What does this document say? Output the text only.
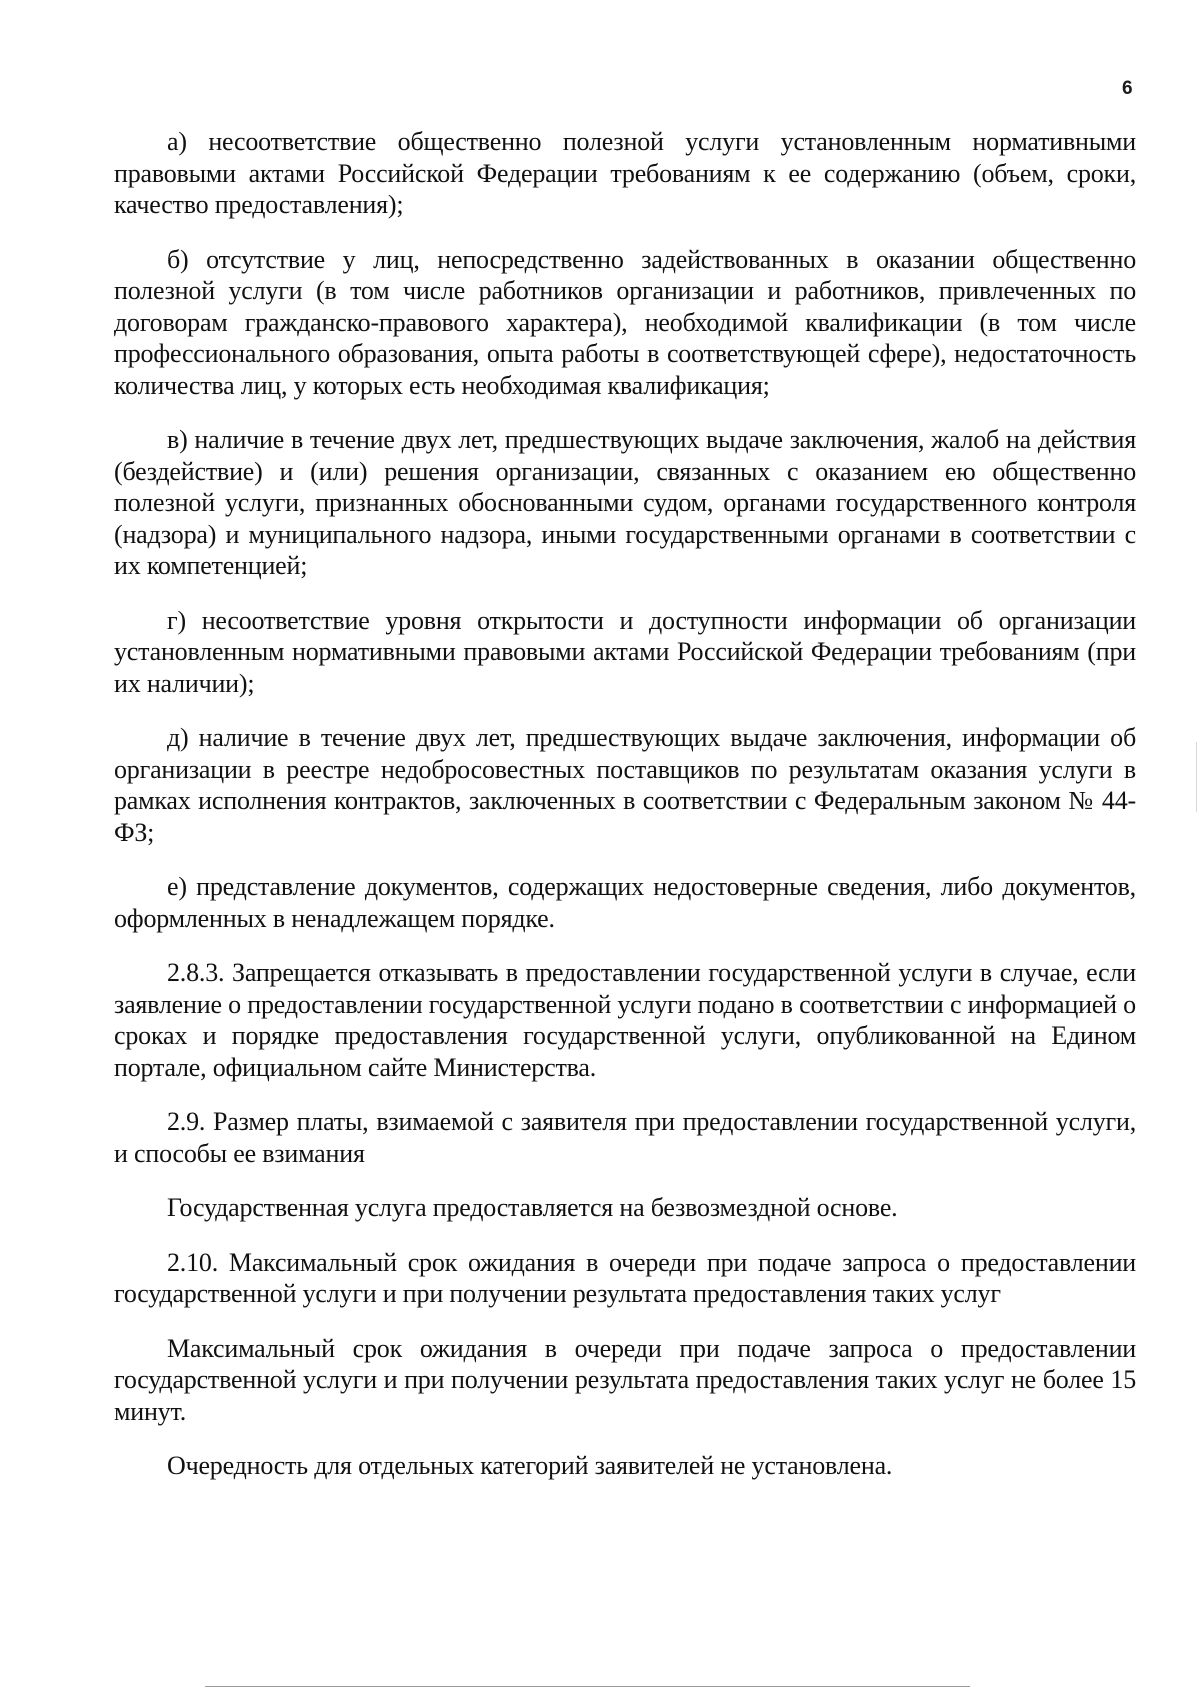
6

а) несоответствие общественно полезной услуги установленным нормативными правовыми актами Российской Федерации требованиям к ее содержанию (объем, сроки, качество предоставления);

б) отсутствие у лиц, непосредственно задействованных в оказании общественно полезной услуги (в том числе работников организации и работников, привлеченных по договорам гражданско-правового характера), необходимой квалификации (в том числе профессионального образования, опыта работы в соответствующей сфере), недостаточность количества лиц, у которых есть необходимая квалификация;

в) наличие в течение двух лет, предшествующих выдаче заключения, жалоб на действия (бездействие) и (или) решения организации, связанных с оказанием ею общественно полезной услуги, признанных обоснованными судом, органами государственного контроля (надзора) и муниципального надзора, иными государственными органами в соответствии с их компетенцией;

г) несоответствие уровня открытости и доступности информации об организации установленным нормативными правовыми актами Российской Федерации требованиям (при их наличии);

д) наличие в течение двух лет, предшествующих выдаче заключения, информации об организации в реестре недобросовестных поставщиков по результатам оказания услуги в рамках исполнения контрактов, заключенных в соответствии с Федеральным законом № 44-ФЗ;

е) представление документов, содержащих недостоверные сведения, либо документов, оформленных в ненадлежащем порядке.

2.8.3. Запрещается отказывать в предоставлении государственной услуги в случае, если заявление о предоставлении государственной услуги подано в соответствии с информацией о сроках и порядке предоставления государственной услуги, опубликованной на Едином портале, официальном сайте Министерства.

2.9. Размер платы, взимаемой с заявителя при предоставлении государственной услуги, и способы ее взимания

Государственная услуга предоставляется на безвозмездной основе.

2.10. Максимальный срок ожидания в очереди при подаче запроса о предоставлении государственной услуги и при получении результата предоставления таких услуг

Максимальный срок ожидания в очереди при подаче запроса о предоставлении государственной услуги и при получении результата предоставления таких услуг не более 15 минут.

Очередность для отдельных категорий заявителей не установлена.
